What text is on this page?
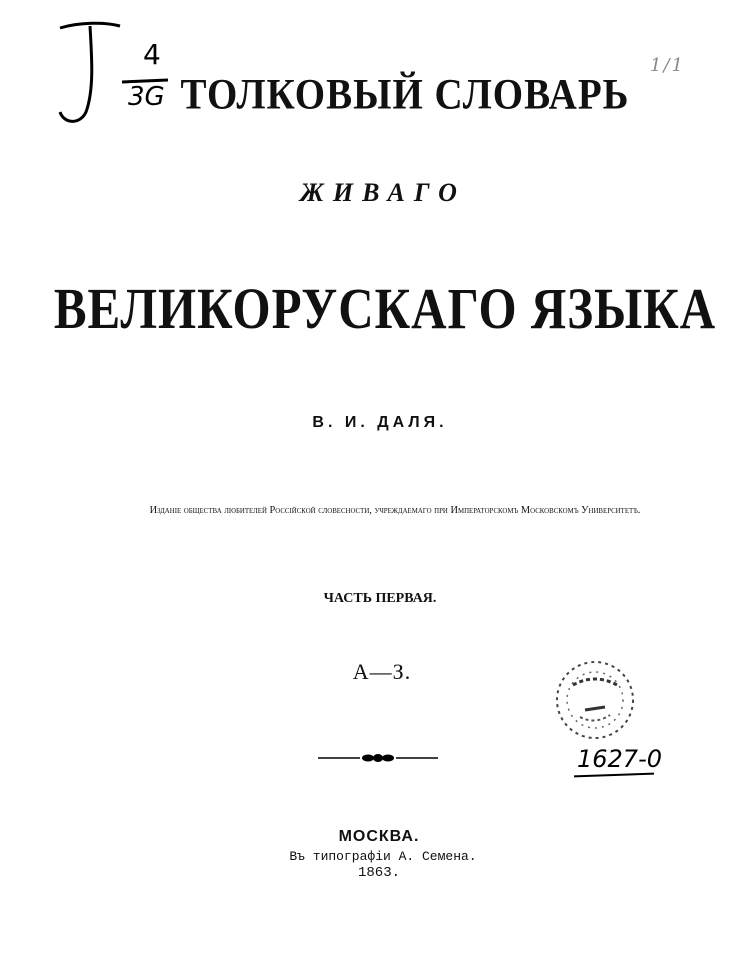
4
3G
1/1
ТОЛКОВЫЙ СЛОВАРЬ
ЖИВАГО
ВЕЛИКОРУСКАГО ЯЗЫКА
В. И. ДАЛЯ.
Изданіе общества любителей Россійской словесности, учреждаемаго при Императорскомъ Московскомъ Университетѣ.
ЧАСТЬ ПЕРВАЯ.
А—З.
1627-0
МОСКВА.
Въ типографіи А. Семена.
1863.
